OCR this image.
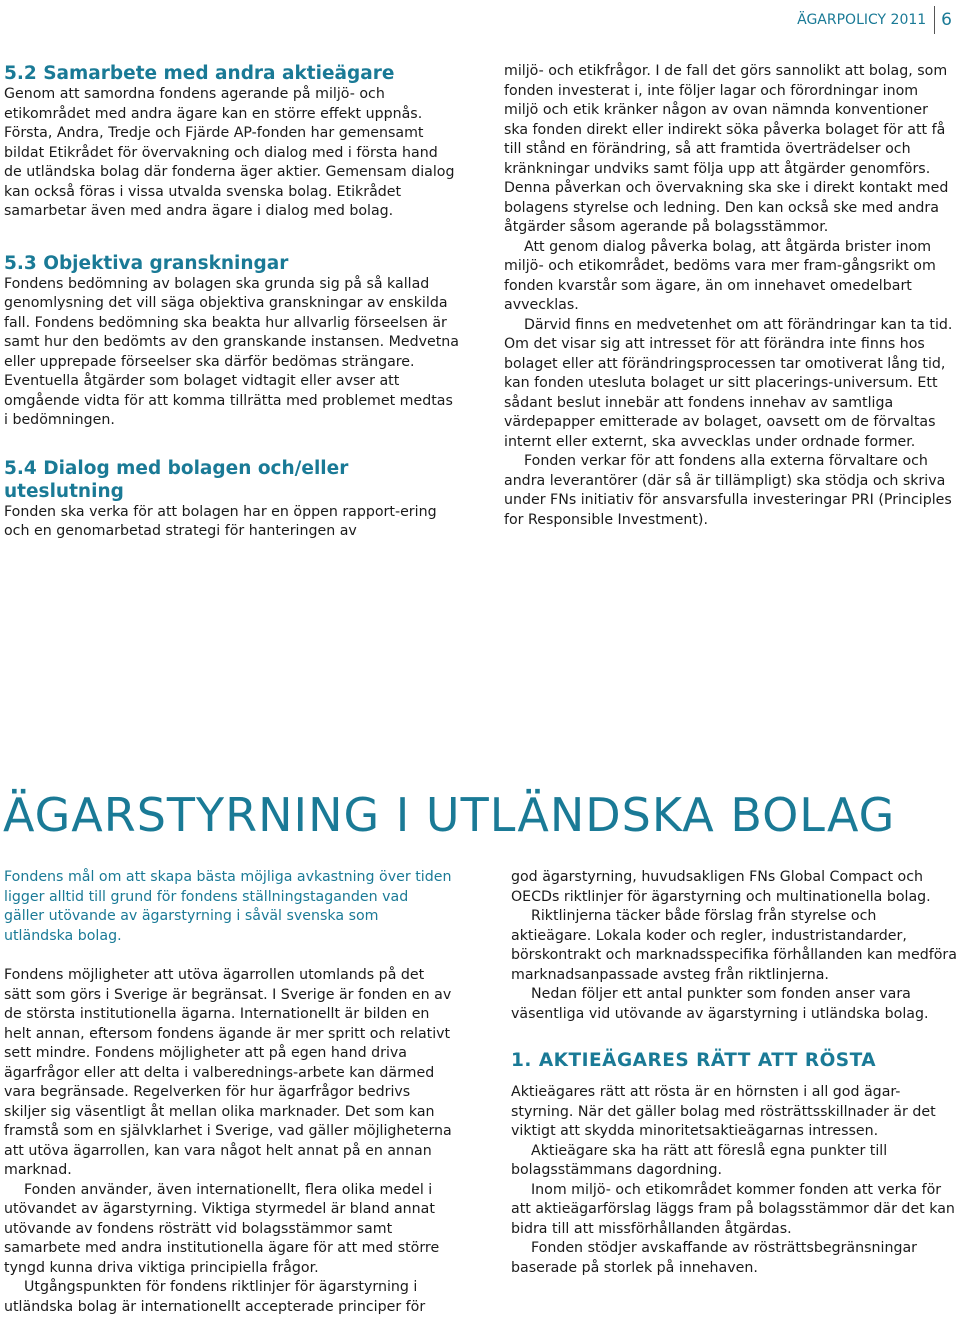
ÄGARPOLICY 2011 6
5.2 Samarbete med andra aktieägare

Genom att samordna fondens agerande på miljö- och etikområdet med andra ägare kan en större effekt uppnås. Första, Andra, Tredje och Fjärde AP-fonden har gemensamt bildat Etikrådet för övervakning och dialog med i första hand de utländska bolag där fonderna äger aktier. Gemensam dialog kan också föras i vissa utvalda svenska bolag. Etikrådet samarbetar även med andra ägare i dialog med bolag.

5.3 Objektiva granskningar

Fondens bedömning av bolagen ska grunda sig på så kallad genomlysning det vill säga objektiva granskningar av enskilda fall. Fondens bedömning ska beakta hur allvarlig förseelsen är samt hur den bedömts av den granskande instansen. Medvetna eller upprepade förseelser ska därför bedömas strängare. Eventuella åtgärder som bolaget vidtagit eller avser att omgående vidta för att komma tillrätta med problemet medtas i bedömningen.

5.4 Dialog med bolagen och/eller uteslutning

Fonden ska verka för att bolagen har en öppen rapport-ering och en genomarbetad strategi för hanteringen av

miljö- och etikfrågor. I de fall det görs sannolikt att bolag, som fonden investerat i, inte följer lagar och förordningar inom miljö och etik kränker någon av ovan nämnda konventioner ska fonden direkt eller indirekt söka påverka bolaget för att få till stånd en förändring, så att framtida överträdelser och kränkningar undviks samt följa upp att åtgärder genomförs. Denna påverkan och övervakning ska ske i direkt kontakt med bolagens styrelse och ledning. Den kan också ske med andra åtgärder såsom agerande på bolagsstämmor.

Att genom dialog påverka bolag, att åtgärda brister inom miljö- och etikområdet, bedöms vara mer fram-gångsrikt om fonden kvarstår som ägare, än om innehavet omedelbart avvecklas.

Därvid finns en medvetenhet om att förändringar kan ta tid. Om det visar sig att intresset för att förändra inte finns hos bolaget eller att förändringsprocessen tar omotiverat lång tid, kan fonden utesluta bolaget ur sitt placerings-universum. Ett sådant beslut innebär att fondens innehav av samtliga värdepapper emitterade av bolaget, oavsett om de förvaltas internt eller externt, ska avvecklas under ordnade former.

Fonden verkar för att fondens alla externa förvaltare och andra leverantörer (där så är tillämpligt) ska stödja och skriva under FNs initiativ för ansvarsfulla investeringar PRI (Principles for Responsible Investment).

ÄGARSTYRNING I UTLÄNDSKA BOLAG

Fondens mål om att skapa bästa möjliga avkastning över tiden ligger alltid till grund för fondens ställningstaganden vad gäller utövande av ägarstyrning i såväl svenska som utländska bolag.

Fondens möjligheter att utöva ägarrollen utomlands på det sätt som görs i Sverige är begränsat. I Sverige är fonden en av de största institutionella ägarna. Internationellt är bilden en helt annan, eftersom fondens ägande är mer spritt och relativt sett mindre. Fondens möjligheter att på egen hand driva ägarfrågor eller att delta i valberednings-arbete kan därmed vara begränsade. Regelverken för hur ägarfrågor bedrivs skiljer sig väsentligt åt mellan olika marknader. Det som kan framstå som en självklarhet i Sverige, vad gäller möjligheterna att utöva ägarrollen, kan vara något helt annat på en annan marknad.

Fonden använder, även internationellt, flera olika medel i utövandet av ägarstyrning. Viktiga styrmedel är bland annat utövande av fondens rösträtt vid bolagsstämmor samt samarbete med andra institutionella ägare för att med större tyngd kunna driva viktiga principiella frågor.

Utgångspunkten för fondens riktlinjer för ägarstyrning i utländska bolag är internationellt accepterade principer för

god ägarstyrning, huvudsakligen FNs Global Compact och OECDs riktlinjer för ägarstyrning och multinationella bolag.

Riktlinjerna täcker både förslag från styrelse och aktieägare. Lokala koder och regler, industristandarder, börskontrakt och marknadsspecifika förhållanden kan medföra marknadsanpassade avsteg från riktlinjerna.

Nedan följer ett antal punkter som fonden anser vara väsentliga vid utövande av ägarstyrning i utländska bolag.

1. AKTIEÄGARES RÄTT ATT RÖSTA

Aktieägares rätt att rösta är en hörnsten i all god ägar-styrning. När det gäller bolag med rösträttsskillnader är det viktigt att skydda minoritetsaktieägarnas intressen.

Aktieägare ska ha rätt att föreslå egna punkter till bolagsstämmans dagordning.

Inom miljö- och etikområdet kommer fonden att verka för att aktieägarförslag läggs fram på bolagsstämmor där det kan bidra till att missförhållanden åtgärdas.

Fonden stödjer avskaffande av rösträttsbegränsningar baserade på storlek på innehaven.
